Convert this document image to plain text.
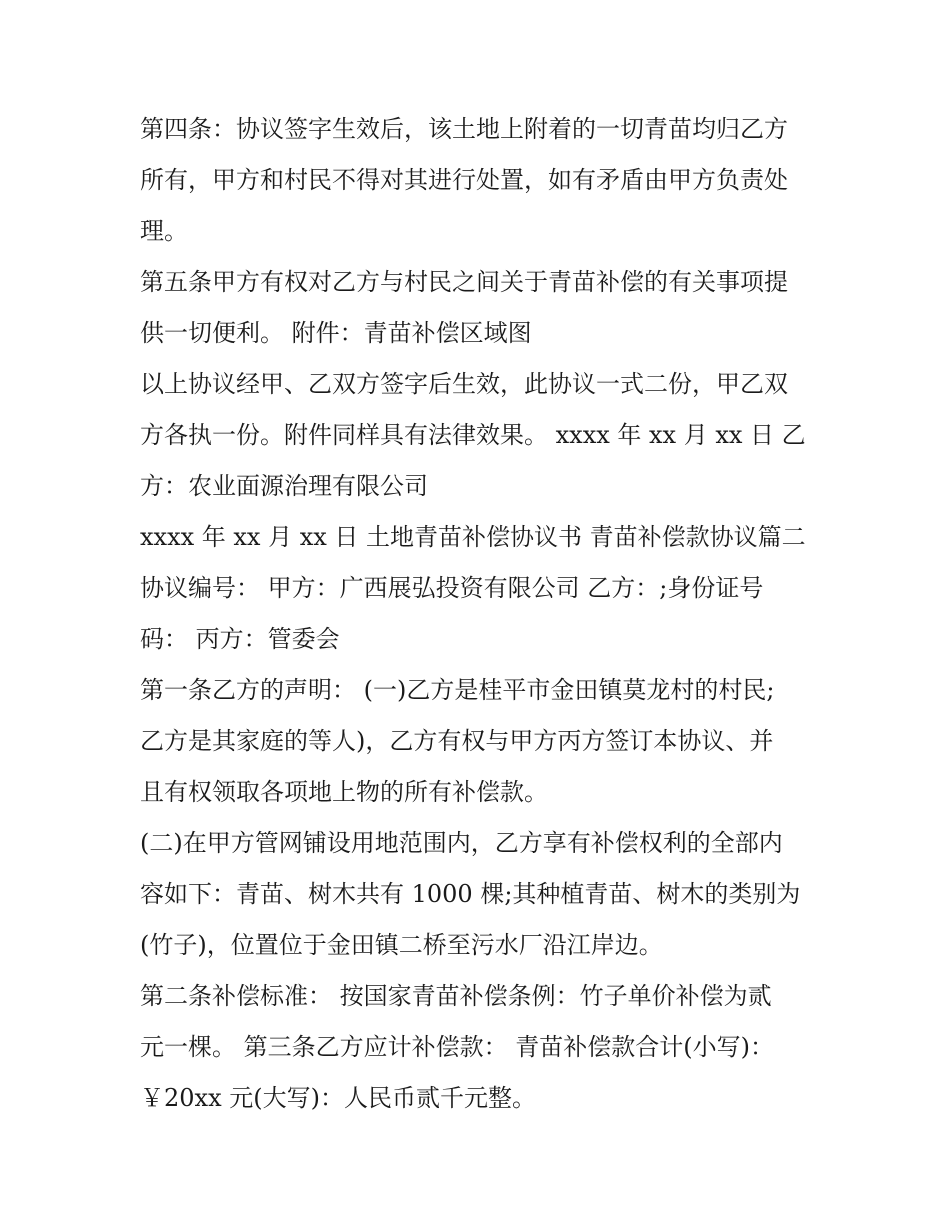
第四条：协议签字生效后，该土地上附着的一切青苗均归乙方
所有，甲方和村民不得对其进行处置，如有矛盾由甲方负责处
理。

第五条甲方有权对乙方与村民之间关于青苗补偿的有关事项提
供一切便利。 附件：青苗补偿区域图

以上协议经甲、乙双方签字后生效，此协议一式二份，甲乙双
方各执一份。附件同样具有法律效果。 xxxx 年 xx 月 xx 日 乙
方：农业面源治理有限公司

xxxx 年 xx 月 xx 日 土地青苗补偿协议书 青苗补偿款协议篇二
协议编号： 甲方：广西展弘投资有限公司 乙方：;身份证号
码： 丙方：管委会

第一条乙方的声明： (一)乙方是桂平市金田镇莫龙村的村民;
乙方是其家庭的等人)，乙方有权与甲方丙方签订本协议、并
且有权领取各项地上物的所有补偿款。

(二)在甲方管网铺设用地范围内，乙方享有补偿权利的全部内
容如下：青苗、树木共有 1000 棵;其种植青苗、树木的类别为
(竹子)，位置位于金田镇二桥至污水厂沿江岸边。

第二条补偿标准： 按国家青苗补偿条例：竹子单价补偿为贰
元一棵。 第三条乙方应计补偿款： 青苗补偿款合计(小写)：
￥20xx 元(大写)：人民币贰千元整。
